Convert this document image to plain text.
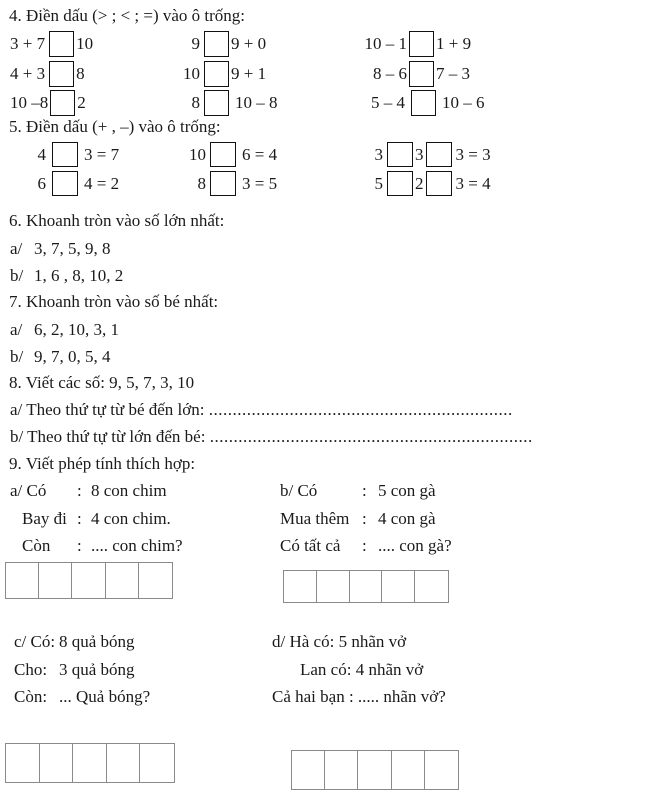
4. Điền dấu (> ; < ; =) vào ô trống:
3 + 7 10
4 + 3 8
10 –8 2
9 9 + 0
10 9 + 1
8 10 – 8
10 – 1 1 + 9
8 – 6 7 – 3
5 – 4 10 – 6
5. Điền dấu (+ , –) vào ô trống:
4 3 = 7
6 4 = 2
10 6 = 4
8 3 = 5
3 3 3 = 3
5 2 3 = 4
6. Khoanh tròn vào số lớn nhất:
a/ 3, 7, 5, 9, 8
b/ 1, 6 , 8, 10, 2
7. Khoanh tròn vào số bé nhất:
a/ 6, 2, 10, 3, 1
b/ 9, 7, 0, 5, 4
8. Viết các số: 9, 5, 7, 3, 10
a/ Theo thứ tự từ bé đến lớn: ................................................................
b/ Theo thứ tự từ lớn đến bé: ....................................................................
9. Viết phép tính thích hợp:
a/ Có : 8 con chim
Bay đi : 4 con chim.
Còn : .... con chim?
b/ Có	: 5 con gà
Mua thêm : 4 con gà
Có tất cả : .... con gà?
c/ Có: 8 quả bóng
Cho: 3 quả bóng
Còn: ... Quả bóng?
d/ Hà có: 5 nhãn vở
Lan có: 4 nhãn vở
Cả hai bạn : ..... nhãn vở?
